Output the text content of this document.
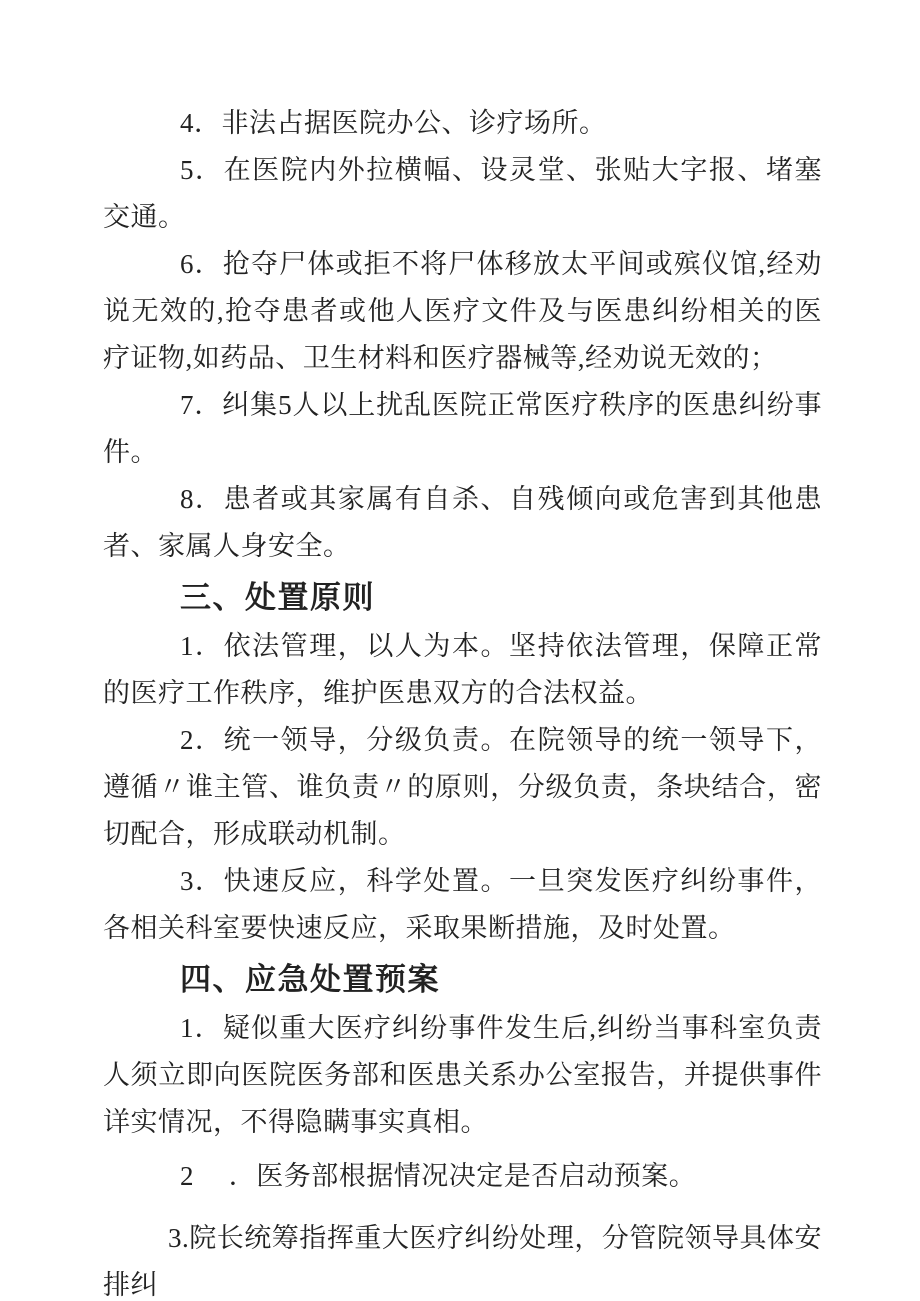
4．非法占据医院办公、诊疗场所。

5．在医院内外拉横幅、设灵堂、张贴大字报、堵塞交通。

6．抢夺尸体或拒不将尸体移放太平间或殡仪馆,经劝说无效的,抢夺患者或他人医疗文件及与医患纠纷相关的医疗证物,如药品、卫生材料和医疗器械等,经劝说无效的；

7．纠集5人以上扰乱医院正常医疗秩序的医患纠纷事件。

8．患者或其家属有自杀、自残倾向或危害到其他患者、家属人身安全。

三、处置原则

1．依法管理，以人为本。坚持依法管理，保障正常的医疗工作秩序，维护医患双方的合法权益。

2．统一领导，分级负责。在院领导的统一领导下，遵循〃谁主管、谁负责〃的原则，分级负责，条块结合，密切配合，形成联动机制。

3．快速反应，科学处置。一旦突发医疗纠纷事件，各相关科室要快速反应，采取果断措施，及时处置。

四、应急处置预案

1．疑似重大医疗纠纷事件发生后,纠纷当事科室负责人须立即向医院医务部和医患关系办公室报告，并提供事件详实情况，不得隐瞒事实真相。

2　 ．医务部根据情况决定是否启动预案。

3.院长统筹指挥重大医疗纠纷处理，分管院领导具体安排纠
